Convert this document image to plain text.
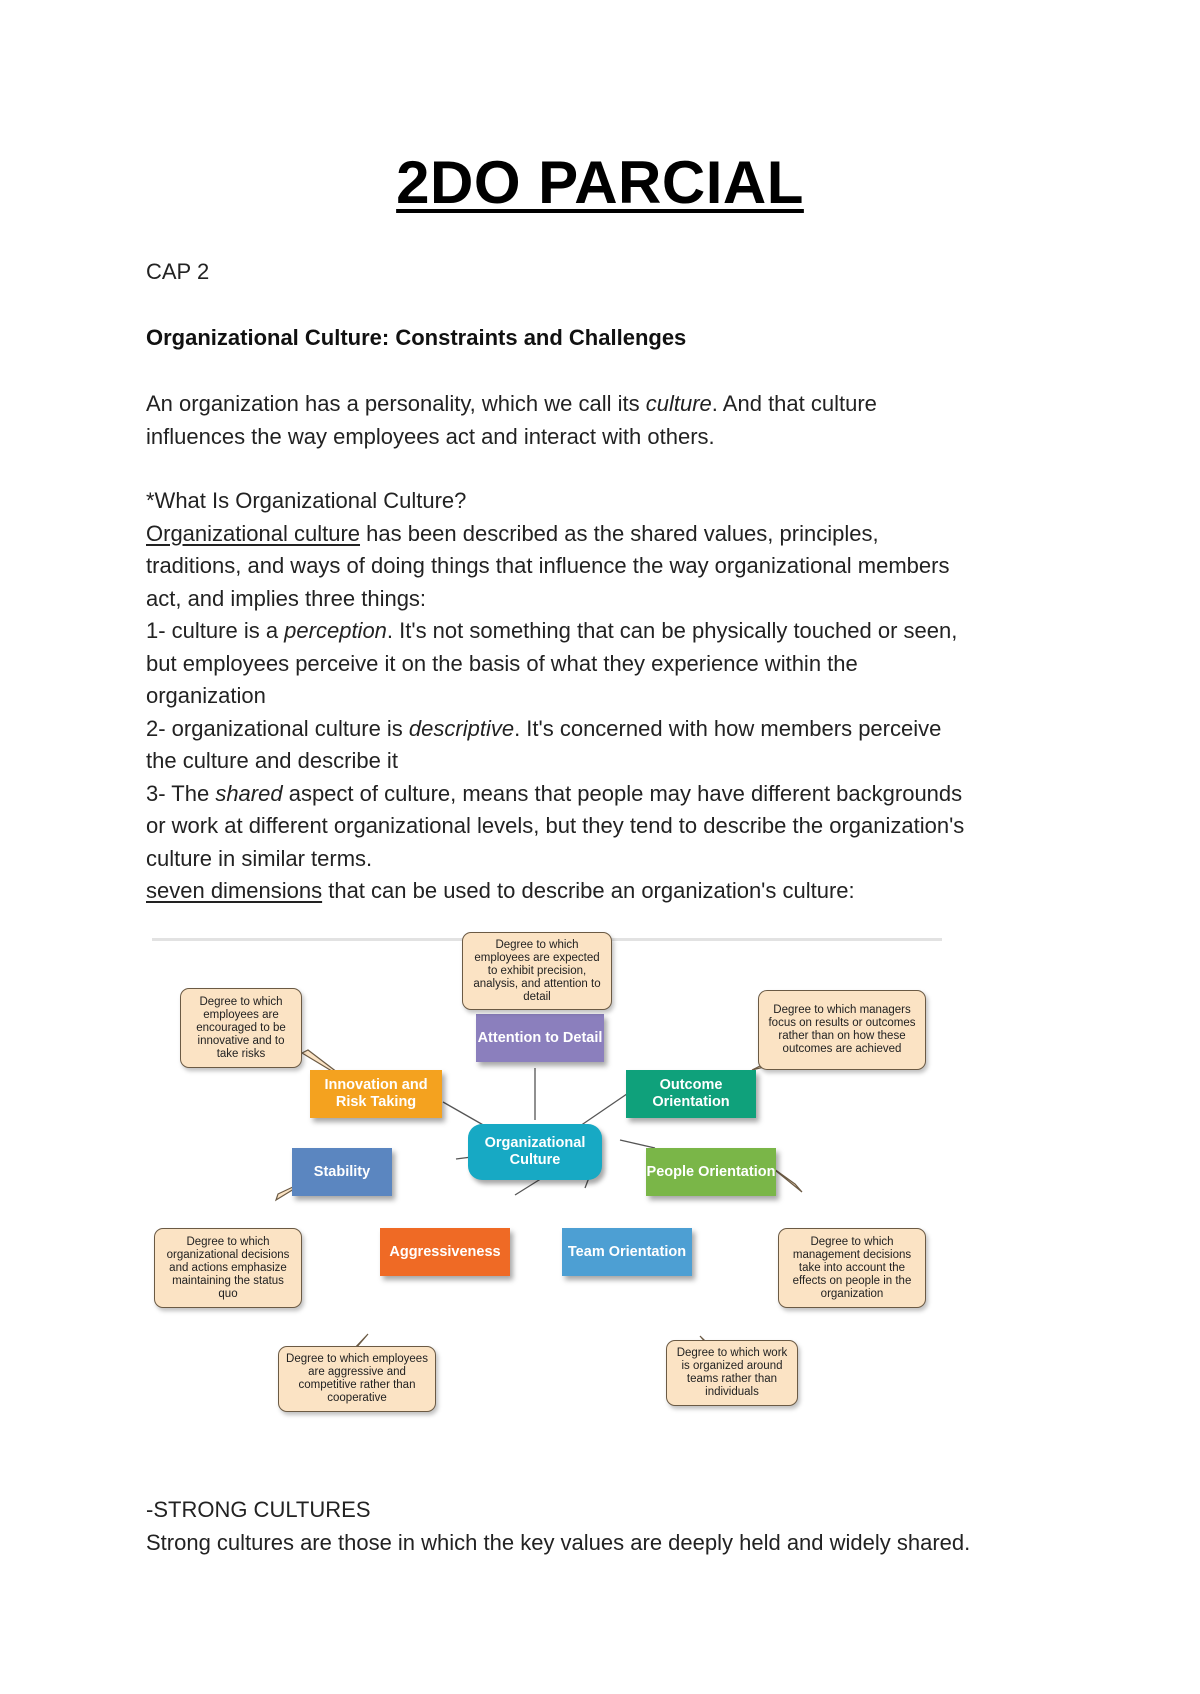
2DO PARCIAL
CAP 2
Organizational Culture: Constraints and Challenges

An organization has a personality, which we call its culture. And that culture

influences the way employees act and interact with others.

*What Is Organizational Culture?

Organizational culture has been described as the shared values, principles,

traditions, and ways of doing things that influence the way organizational members

act, and implies three things:

1- culture is a perception. It's not something that can be physically touched or seen,

but employees perceive it on the basis of what they experience within the

organization

2- organizational culture is descriptive. It's concerned with how members perceive

the culture and describe it

3- The shared aspect of culture, means that people may have different backgrounds

or work at different organizational levels, but they tend to describe the organization's

culture in similar terms.

seven dimensions that can be used to describe an organization's culture:

Attention to Detail
Outcome Orientation
People Orientation
Team Orientation
Aggressiveness
Stability
Innovation and Risk Taking
Organizational Culture
Degree to which employees are expected to exhibit precision, analysis, and attention to detail
Degree to which managers focus on results or outcomes rather than on how these outcomes are achieved
Degree to which management decisions take into account the effects on people in the organization
Degree to which work is organized around teams rather than individuals
Degree to which employees are aggressive and competitive rather than cooperative
Degree to which organizational decisions and actions emphasize maintaining the status quo
Degree to which employees are encouraged to be innovative and to take risks

-STRONG CULTURES

Strong cultures are those in which the key values are deeply held and widely shared.
